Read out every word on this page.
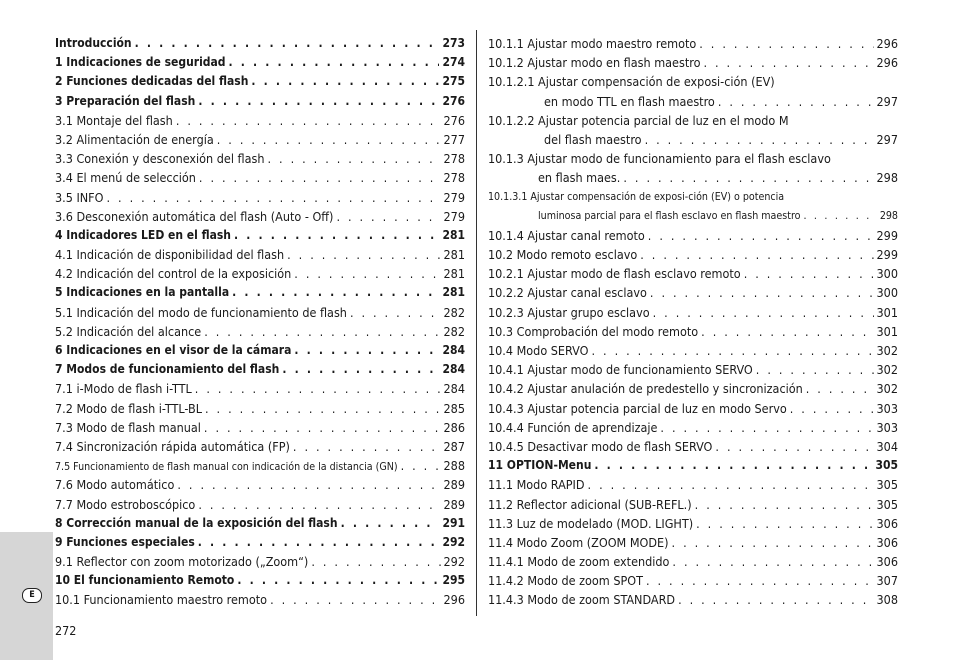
E
272
Introducción . . .	273
1 Indicaciones de seguridad . . .	274
2 Funciones dedicadas del flash . . .	275
3 Preparación del flash . . .	276
3.1 Montaje del flash . . .	276
3.2 Alimentación de energía . . .	277
3.3 Conexión y desconexión del flash . . .	278
3.4 El menú de selección . . .	278
3.5 INFO . . .	279
3.6 Desconexión automática del flash (Auto - Off) . . .	279
4 Indicadores LED en el flash . . .	281
4.1 Indicación de disponibilidad del flash . . .	281
4.2 Indicación del control de la exposición . . .	281
5 Indicaciones en la pantalla . . .	281
5.1 Indicación del modo de funcionamiento de flash . . .	282
5.2 Indicación del alcance . . .	282
6 Indicaciones en el visor de la cámara . . .	284
7 Modos de funcionamiento del flash . . .	284
7.1 i-Modo de flash i-TTL . . .	284
7.2 Modo de flash i-TTL-BL . . .	285
7.3 Modo de flash manual . . .	286
7.4 Sincronización rápida automática (FP) . . .	287
7.5 Funcionamiento de flash manual con indicación de la distancia (GN) . . .	288
7.6 Modo automático . . .	289
7.7 Modo estroboscópico . . .	289
8 Corrección manual de la exposición del flash . . .	291
9 Funciones especiales . . .	292
9.1 Reflector con zoom motorizado („Zoom“) . . .	292
10 El funcionamiento Remoto . . .	295
10.1 Funcionamiento maestro remoto . . .	296
10.1.1 Ajustar modo maestro remoto . . .	296
10.1.2 Ajustar modo en flash maestro . . .	296
10.1.2.1 Ajustar compensación de exposi-ción (EV)
en modo TTL en flash maestro . . .	297
10.1.2.2 Ajustar potencia parcial de luz en el modo M
del flash maestro . . .	297
10.1.3 Ajustar modo de funcionamiento para el flash esclavo
en flash maes. . . .	298
10.1.3.1 Ajustar compensación de exposi-ción (EV) o potencia
luminosa parcial para el flash esclavo en flash maestro . . .	298
10.1.4 Ajustar canal remoto . . .	299
10.2 Modo remoto esclavo . . .	299
10.2.1 Ajustar modo de flash esclavo remoto . . .	300
10.2.2 Ajustar canal esclavo . . .	300
10.2.3 Ajustar grupo esclavo . . .	301
10.3 Comprobación del modo remoto . . .	301
10.4 Modo SERVO . . .	302
10.4.1 Ajustar modo de funcionamiento SERVO . . .	302
10.4.2 Ajustar anulación de predestello y sincronización . . .	302
10.4.3 Ajustar potencia parcial de luz en modo Servo . . .	303
10.4.4 Función de aprendizaje . . .	303
10.4.5 Desactivar modo de flash SERVO . . .	304
11 OPTION-Menu . . .	305
11.1 Modo RAPID . . .	305
11.2 Reflector adicional (SUB-REFL.) . . .	305
11.3 Luz de modelado (MOD. LIGHT) . . .	306
11.4 Modo Zoom (ZOOM MODE) . . .	306
11.4.1 Modo de zoom extendido . . .	306
11.4.2 Modo de zoom SPOT . . .	307
11.4.3 Modo de zoom STANDARD . . .	308
